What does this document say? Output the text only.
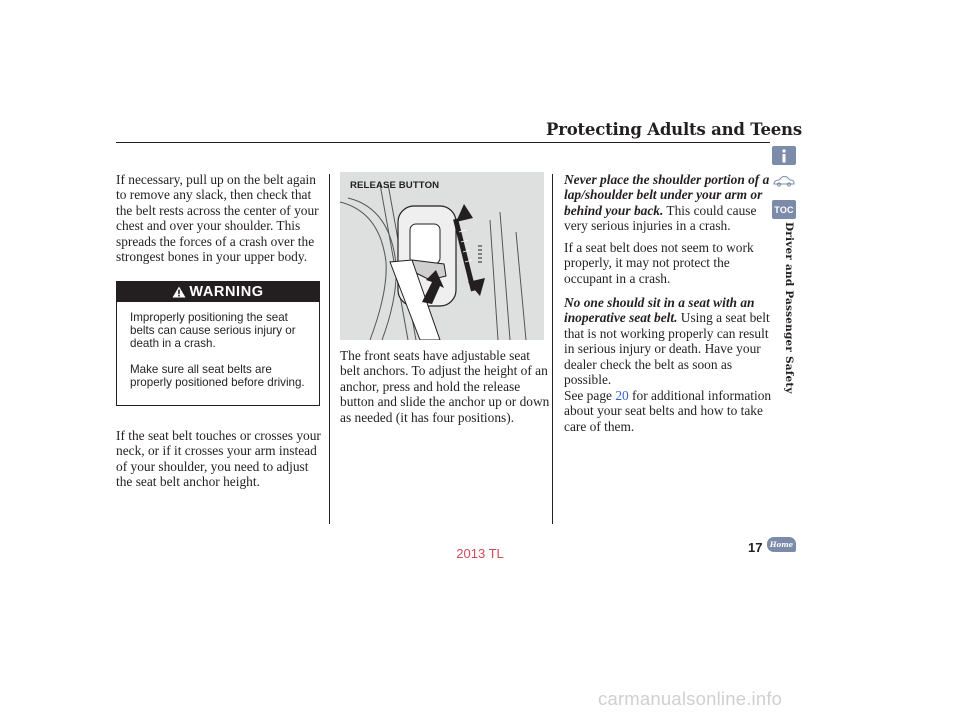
Protecting Adults and Teens
If necessary, pull up on the belt again to remove any slack, then check that the belt rests across the center of your chest and over your shoulder. This spreads the forces of a crash over the strongest bones in your upper body.
WARNING

Improperly positioning the seat belts can cause serious injury or death in a crash.

Make sure all seat belts are properly positioned before driving.

If the seat belt touches or crosses your neck, or if it crosses your arm instead of your shoulder, you need to adjust the seat belt anchor height.
RELEASE BUTTON
The front seats have adjustable seat belt anchors. To adjust the height of an anchor, press and hold the release button and slide the anchor up or down as needed (it has four positions).
Never place the shoulder portion of a lap/shoulder belt under your arm or behind your back. This could cause very serious injuries in a crash.
If a seat belt does not seem to work properly, it may not protect the occupant in a crash.
No one should sit in a seat with an inoperative seat belt. Using a seat belt that is not working properly can result in serious injury or death. Have your dealer check the belt as soon as possible.
See page 20 for additional information about your seat belts and how to take care of them.
TOC
Driver and Passenger Safety
17	Home
2013 TL
carmanualsonline.info
